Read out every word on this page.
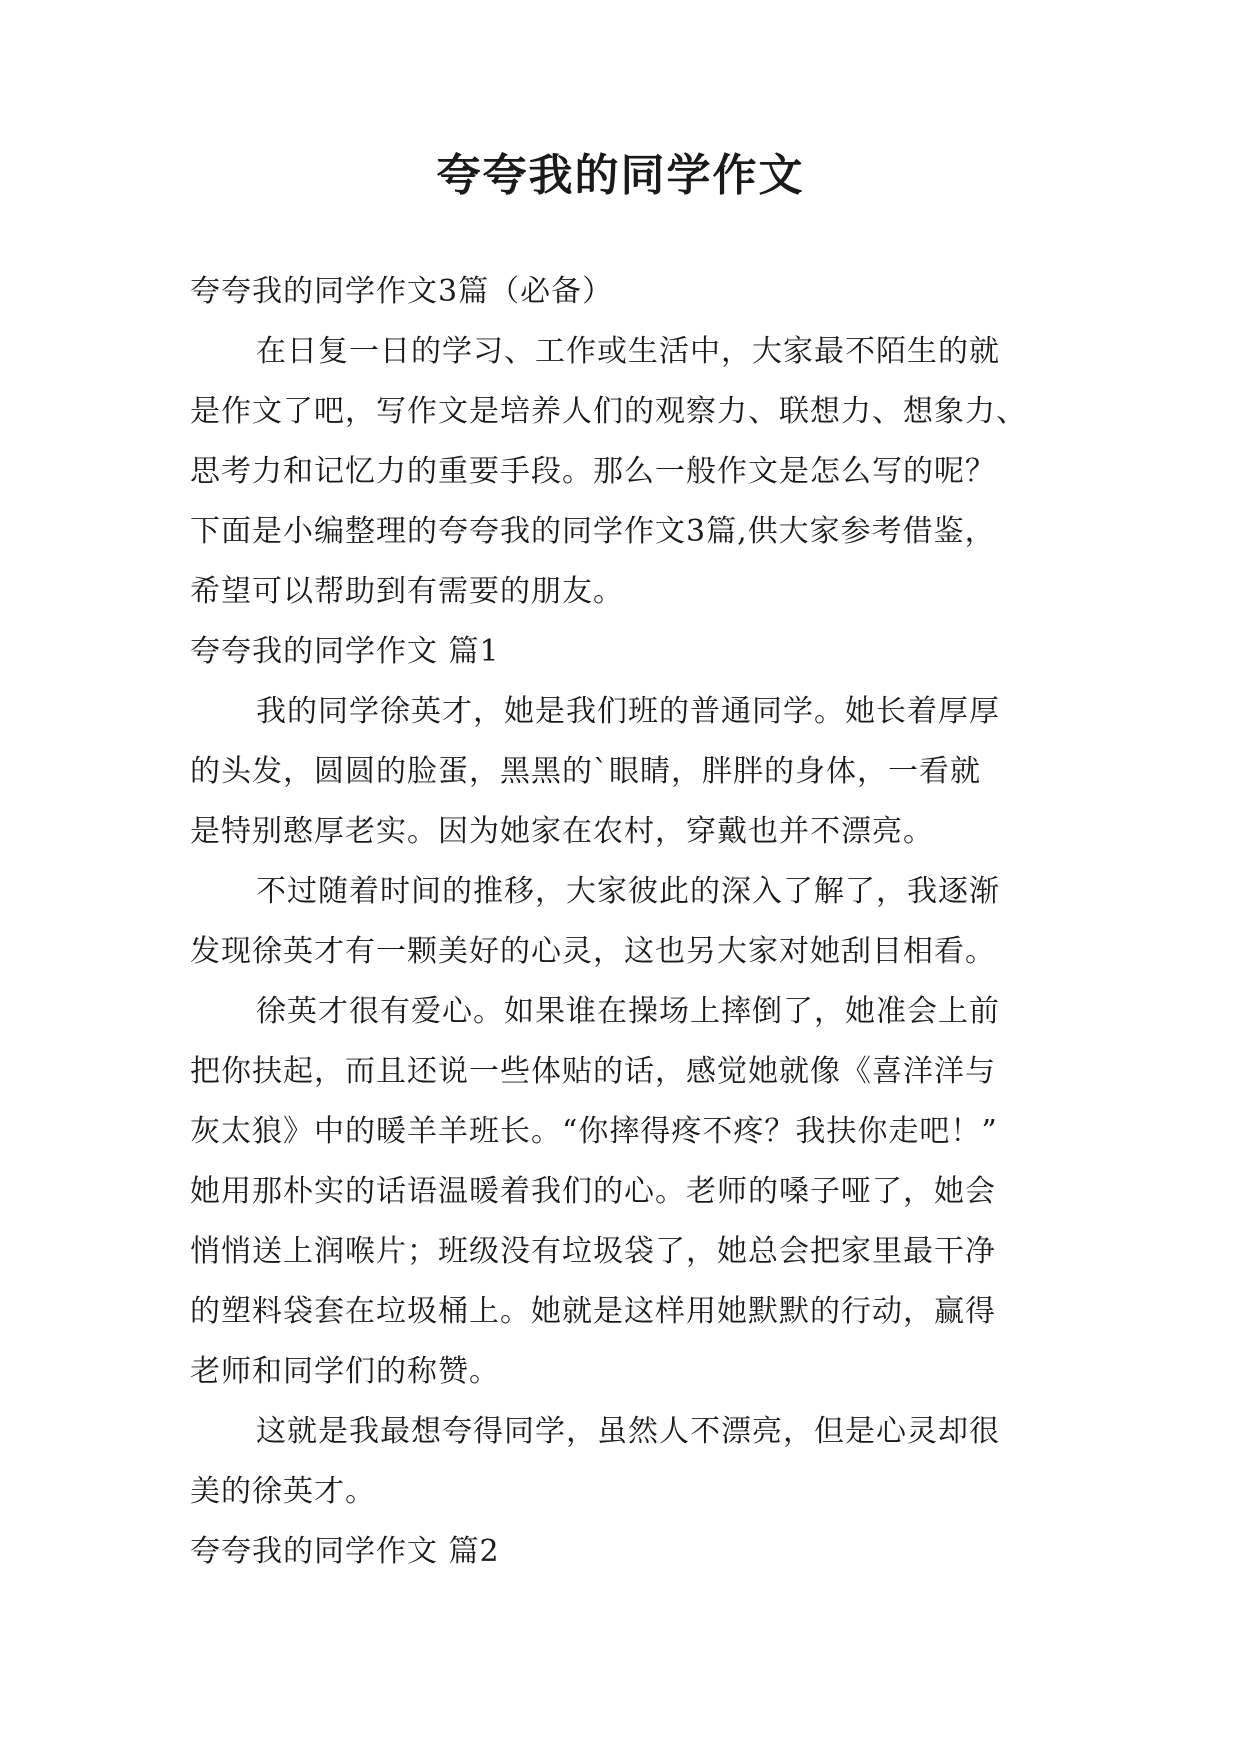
夸夸我的同学作文
夸夸我的同学作文3篇（必备）
在日复一日的学习、工作或生活中，大家最不陌生的就
是作文了吧，写作文是培养人们的观察力、联想力、想象力、
思考力和记忆力的重要手段。那么一般作文是怎么写的呢？
下面是小编整理的夸夸我的同学作文3篇,供大家参考借鉴，
希望可以帮助到有需要的朋友。
夸夸我的同学作文 篇1
我的同学徐英才，她是我们班的普通同学。她长着厚厚
的头发，圆圆的脸蛋，黑黑的`眼睛，胖胖的身体，一看就
是特别憨厚老实。因为她家在农村，穿戴也并不漂亮。
不过随着时间的推移，大家彼此的深入了解了，我逐渐
发现徐英才有一颗美好的心灵，这也另大家对她刮目相看。
徐英才很有爱心。如果谁在操场上摔倒了，她准会上前
把你扶起，而且还说一些体贴的话，感觉她就像《喜洋洋与
灰太狼》中的暖羊羊班长。“你摔得疼不疼？我扶你走吧！”
她用那朴实的话语温暖着我们的心。老师的嗓子哑了，她会
悄悄送上润喉片；班级没有垃圾袋了，她总会把家里最干净
的塑料袋套在垃圾桶上。她就是这样用她默默的行动，赢得
老师和同学们的称赞。
这就是我最想夸得同学，虽然人不漂亮，但是心灵却很
美的徐英才。
夸夸我的同学作文 篇2
